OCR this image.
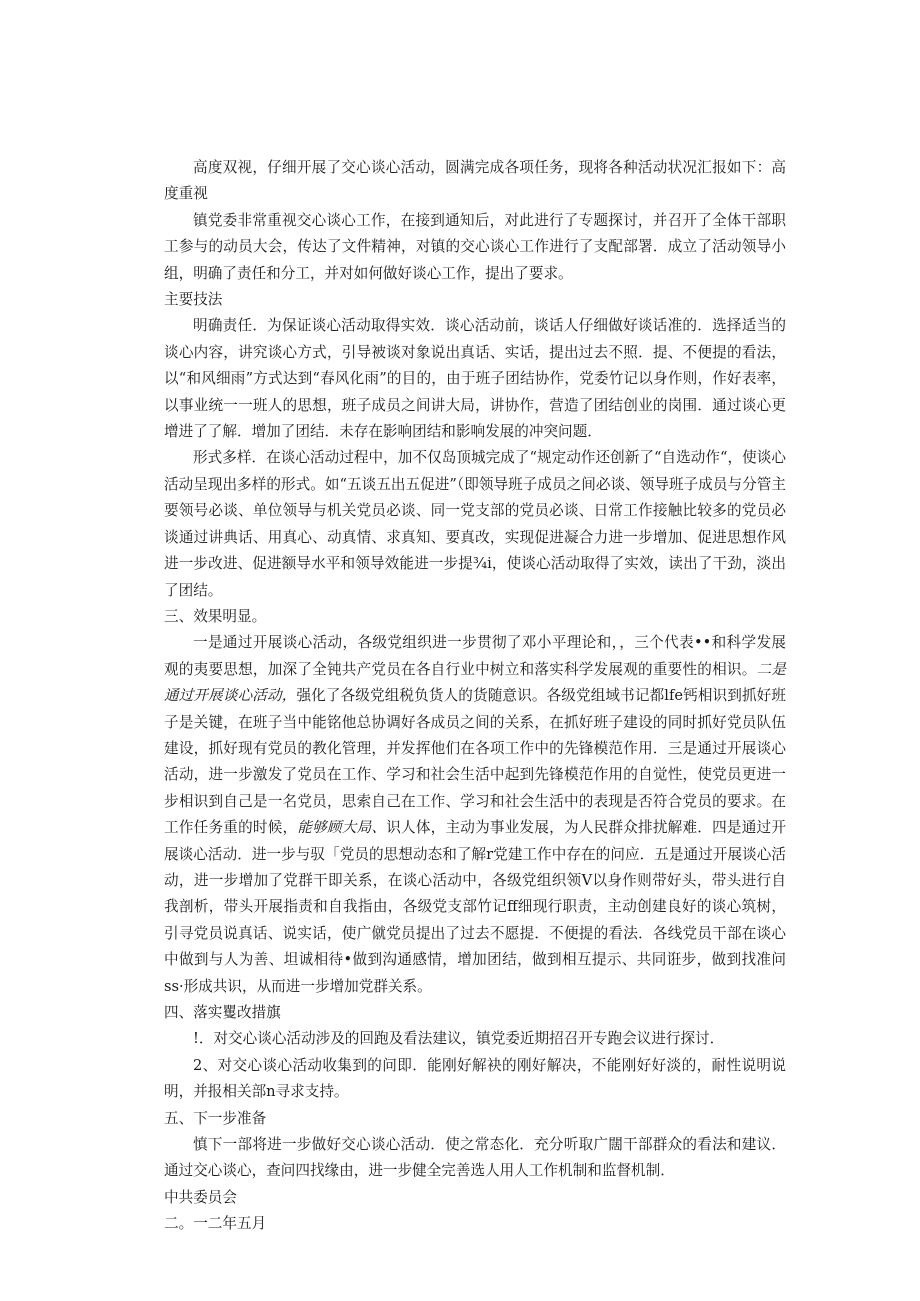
高度双视，仔细开展了交心谈心活动，圆满完成各项任务，现将各种活动状况汇报如下：高度重视

镇党委非常重视交心谈心工作，在接到通知后，对此进行了专题探讨，并召开了全体干部职工参与的动员大会，传达了文件精神，对镇的交心谈心工作进行了支配部署．成立了活动领导小组，明确了责任和分工，并对如何做好谈心工作，提出了要求。

主要技法

明确责任．为保证谈心活动取得实效．谈心活动前，谈话人仔细做好谈话准的．选择适当的谈心内容，讲究谈心方式，引导被谈对象说出真话、实话，提出过去不照．提、不便提的看法，以“和风细雨”方式达到“春风化雨”的目的，由于班子团结协作，党委竹记以身作则，作好表率，以事业统一一班人的思想，班子成员之间讲大局，讲协作，营造了团结创业的岗围．通过谈心更增进了了解．增加了团结．未存在影响团结和影响发展的冲突问题．

形式多样．在谈心活动过程中，加不仅岛顶城完成了“规定动作还创新了“自选动作“，使谈心活动呈现出多样的形式。如“五谈五出五促进”（即领导班子成员之间必谈、领导班子成员与分管主要领号必谈、单位领导与机关党员必谈、同一党支部的党员必谈、日常工作接触比较多的党员必谈通过讲典话、用真心、动真情、求真知、要真改，实现促进凝合力进一步增加、促进思想作风进一步改进、促进额导水平和领导效能进一步提¾i，使谈心活动取得了实效，读出了干劲，淡出了团结。

三、效果明显。

一是通过开展谈心活动，各级党组织进一步贯彻了邓小平理论和，，三个代表••和科学发展观的夷要思想，加深了全钝共产党员在各自行业中树立和落实科学发展观的重要性的相识。二是通过开展谈心活动，强化了各级党组税负货人的货随意识。各级党组域书记都lfe钙相识到抓好班子是关键，在班子当中能铭他总协调好各成员之间的关系，在抓好班子建设的同时抓好党员队伍建设，抓好现有党员的教化管理，并发挥他们在各项工作中的先锋模范作用．三是通过开展谈心活动，进一步激发了党员在工作、学习和社会生活中起到先锋模范作用的自觉性，使党员更进一步相识到自己是一名党员，思索自己在工作、学习和社会生活中的表现是否符合党员的要求。在工作任务重的时候，能够顾大局、识人体，主动为事业发展，为人民群众排扰解难．四是通过开展谈心活动．进一步与驭「党员的思想动态和了解r党建工作中存在的问应．五是通过开展谈心活动，进一步增加了党群干即关系，在谈心活动中，各级党组织领V以身作则带好头，带头进行自我剖析，带头开展指责和自我指由，各级党支部竹记ff细现行职责，主动创建良好的谈心筑树，引寻党员说真话、说实话，使广僦党员提出了过去不愿提．不便提的看法．各线党员干部在谈心中做到与人为善、坦诚相待•做到沟通感情，增加团结，做到相互提示、共同诳步，做到找准问ss·形成共识，从而进一步增加党群关系。

四、落实矍改措旗

!．对交心谈心活动涉及的回跑及看法建议，镇党委近期招召开专跑会议进行探讨．

2、对交心谈心活动收集到的问即．能刚好解袂的刚好解决，不能刚好好淡的，耐性说明说明，并报相关部n寻求支持。

五、下一步准备

慎下一部将进一步做好交心谈心活动．使之常态化．充分听取广闊干部群众的看法和建议．通过交心谈心，查问四找缘由，进一步健全完善选人用人工作机制和监督机制．

中共委员会

二。一二年五月
